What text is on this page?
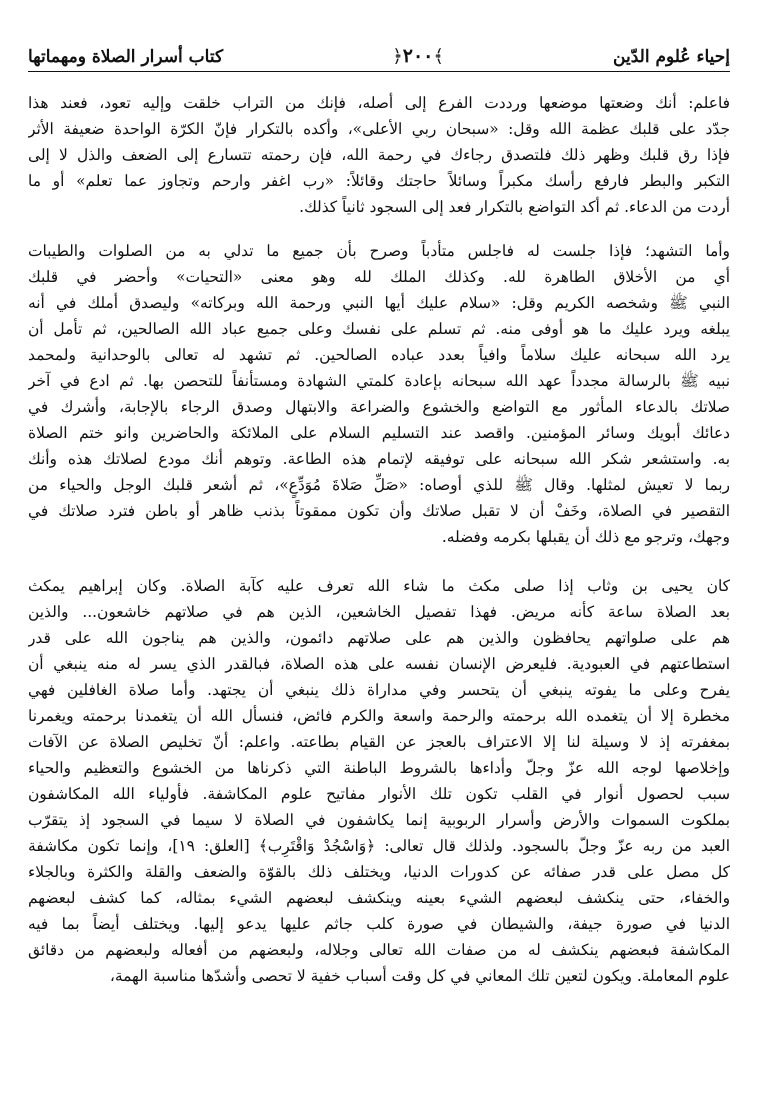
كتاب أسرار الصلاة ومهماتها	﴾٢٠٠﴿	إحياء عُلوم الدّين
فاعلم: أنك وضعتها موضعها ورددت الفرع إلى أصله، فإنك من التراب خلقت وإليه تعود، فعند هذا
جدّد على قلبك عظمة الله وقل: «سبحان ربي الأعلى»، وأكده بالتكرار فإنّ الكرّة الواحدة ضعيفة الأثر
فإذا رق قلبك وظهر ذلك فلتصدق رجاءك في رحمة الله، فإن رحمته تتسارع إلى الضعف والذل لا إلى
التكبر والبطر فارفع رأسك مكبراً وسائلاً حاجتك وقائلاً: «رب اغفر وارحم وتجاوز عما تعلم» أو ما
أردت من الدعاء. ثم أكد التواضع بالتكرار فعد إلى السجود ثانياً كذلك.
وأما التشهد؛ فإذا جلست له فاجلس متأدباً وصرح بأن جميع ما تدلي به من الصلوات والطيبات
أي من الأخلاق الطاهرة لله. وكذلك الملك لله وهو معنى «التحيات» وأحضر في قلبك
النبي ﷺ وشخصه الكريم وقل: «سلام عليك أيها النبي ورحمة الله وبركاته» وليصدق أملك في أنه
يبلغه ويرد عليك ما هو أوفى منه. ثم تسلم على نفسك وعلى جميع عباد الله الصالحين، ثم تأمل أن
يرد الله سبحانه عليك سلاماً وافياً بعدد عباده الصالحين. ثم تشهد له تعالى بالوحدانية ولمحمد
نبيه ﷺ بالرسالة مجدداً عهد الله سبحانه بإعادة كلمتي الشهادة ومستأنفاً للتحصن بها. ثم ادع في آخر
صلاتك بالدعاء المأثور مع التواضع والخشوع والضراعة والابتهال وصدق الرجاء بالإجابة، وأشرك في
دعائك أبويك وسائر المؤمنين. واقصد عند التسليم السلام على الملائكة والحاضرين وانو ختم الصلاة
به. واستشعر شكر الله سبحانه على توفيقه لإتمام هذه الطاعة. وتوهم أنك مودع لصلاتك هذه وأنك
ربما لا تعيش لمثلها. وقال ﷺ للذي أوصاه: «صَلِّ صَلاةَ مُوَدِّعٍ»، ثم أشعر قلبك الوجل والحياء من
التقصير في الصلاة، وخَفْ أن لا تقبل صلاتك وأن تكون ممقوتاً بذنب ظاهر أو باطن فترد صلاتك في
وجهك، وترجو مع ذلك أن يقبلها بكرمه وفضله.
كان يحيى بن وثاب إذا صلى مكث ما شاء الله تعرف عليه كآبة الصلاة. وكان إبراهيم يمكث
بعد الصلاة ساعة كأنه مريض. فهذا تفصيل الخاشعين، الذين هم في صلاتهم خاشعون... والذين
هم على صلواتهم يحافظون والذين هم على صلاتهم دائمون، والذين هم يناجون الله على قدر
استطاعتهم في العبودية. فليعرض الإنسان نفسه على هذه الصلاة، فبالقدر الذي يسر له منه ينبغي أن
يفرح وعلى ما يفوته ينبغي أن يتحسر وفي مداراة ذلك ينبغي أن يجتهد. وأما صلاة الغافلين فهي
مخطرة إلا أن يتغمده الله برحمته والرحمة واسعة والكرم فائض، فنسأل الله أن يتغمدنا برحمته ويغمرنا
بمغفرته إذ لا وسيلة لنا إلا الاعتراف بالعجز عن القيام بطاعته. واعلم: أنّ تخليص الصلاة عن الآفات
وإخلاصها لوجه الله عزّ وجلّ وأداءها بالشروط الباطنة التي ذكرناها من الخشوع والتعظيم والحياء
سبب لحصول أنوار في القلب تكون تلك الأنوار مفاتيح علوم المكاشفة. فأولياء الله المكاشفون
بملكوت السموات والأرض وأسرار الربوبية إنما يكاشفون في الصلاة لا سيما في السجود إذ يتقرّب
العبد من ربه عزّ وجلّ بالسجود. ولذلك قال تعالى: ﴿وَاسْجُدْ وَاقْتَرِب﴾ [العلق: ١٩]، وإنما تكون مكاشفة
كل مصل على قدر صفائه عن كدورات الدنيا، ويختلف ذلك بالقوّة والضعف والقلة والكثرة وبالجلاء
والخفاء، حتى ينكشف لبعضهم الشيء بعينه وينكشف لبعضهم الشيء بمثاله، كما كشف لبعضهم
الدنيا في صورة جيفة، والشيطان في صورة كلب جاثم عليها يدعو إليها. ويختلف أيضاً بما فيه
المكاشفة فبعضهم ينكشف له من صفات الله تعالى وجلاله، ولبعضهم من أفعاله ولبعضهم من دقائق
علوم المعاملة. ويكون لتعين تلك المعاني في كل وقت أسباب خفية لا تحصى وأشدّها مناسبة الهمة،
